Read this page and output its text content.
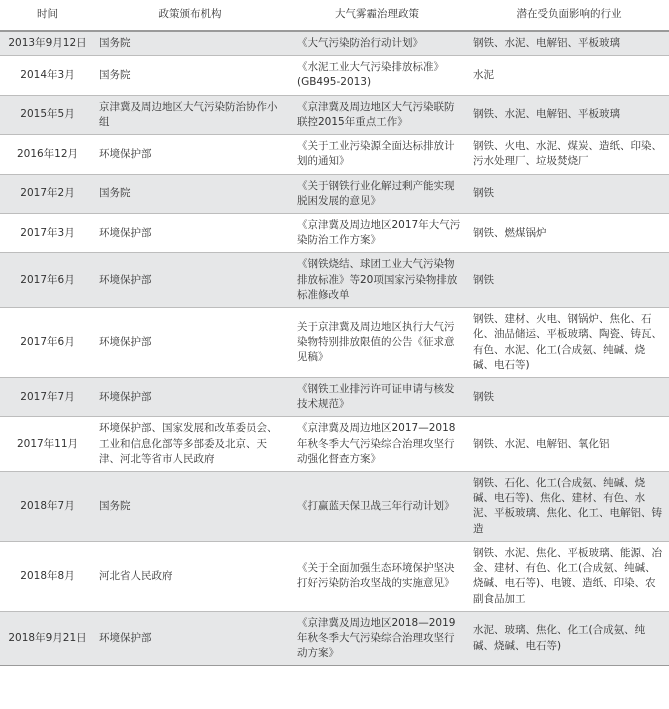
时间	政策颁布机构	大气雾霾治理政策	潜在受负面影响的行业
2013年9月12日	国务院	《大气污染防治行动计划》	钢铁、水泥、电解铝、平板玻璃
2014年3月	国务院	《水泥工业大气污染排放标准》(GB495-2013)	水泥
2015年5月	京津冀及周边地区大气污染防治协作小组	《京津冀及周边地区大气污染联防联控2015年重点工作》	钢铁、水泥、电解铝、平板玻璃
2016年12月	环境保护部	《关于工业污染源全面达标排放计划的通知》	钢铁、火电、水泥、煤炭、造纸、印染、污水处理厂、垃圾焚烧厂
2017年2月	国务院	《关于钢铁行业化解过剩产能实现脱困发展的意见》	钢铁
2017年3月	环境保护部	《京津冀及周边地区2017年大气污染防治工作方案》	钢铁、燃煤锅炉
2017年6月	环境保护部	《钢铁烧结、球团工业大气污染物排放标准》等20项国家污染物排放标准修改单	钢铁
2017年6月	环境保护部	关于京津冀及周边地区执行大气污染物特别排放限值的公告《征求意见稿》	钢铁、建材、火电、钢锅炉、焦化、石化、油品储运、平板玻璃、陶瓷、铸瓦、有色、水泥、化工(合成氨、纯碱、烧碱、电石等)
2017年7月	环境保护部	《钢铁工业排污许可证申请与核发技术规范》	钢铁
2017年11月	环境保护部、国家发展和改革委员会、工业和信息化部等多部委及北京、天津、河北等省市人民政府	《京津冀及周边地区2017—2018年秋冬季大气污染综合治理攻坚行动强化督查方案》	钢铁、水泥、电解铝、氧化铝
2018年7月	国务院	《打赢蓝天保卫战三年行动计划》	钢铁、石化、化工(合成氨、纯碱、烧碱、电石等)、焦化、建材、有色、水泥、平板玻璃、焦化、化工、电解铝、铸造
2018年8月	河北省人民政府	《关于全面加强生态环境保护坚决打好污染防治攻坚战的实施意见》	钢铁、水泥、焦化、平板玻璃、能源、冶金、建材、有色、化工(合成氨、纯碱、烧碱、电石等)、电镀、造纸、印染、农副食品加工
2018年9月21日	环境保护部	《京津冀及周边地区2018—2019年秋冬季大气污染综合治理攻坚行动方案》	水泥、玻璃、焦化、化工(合成氨、纯碱、烧碱、电石等)
